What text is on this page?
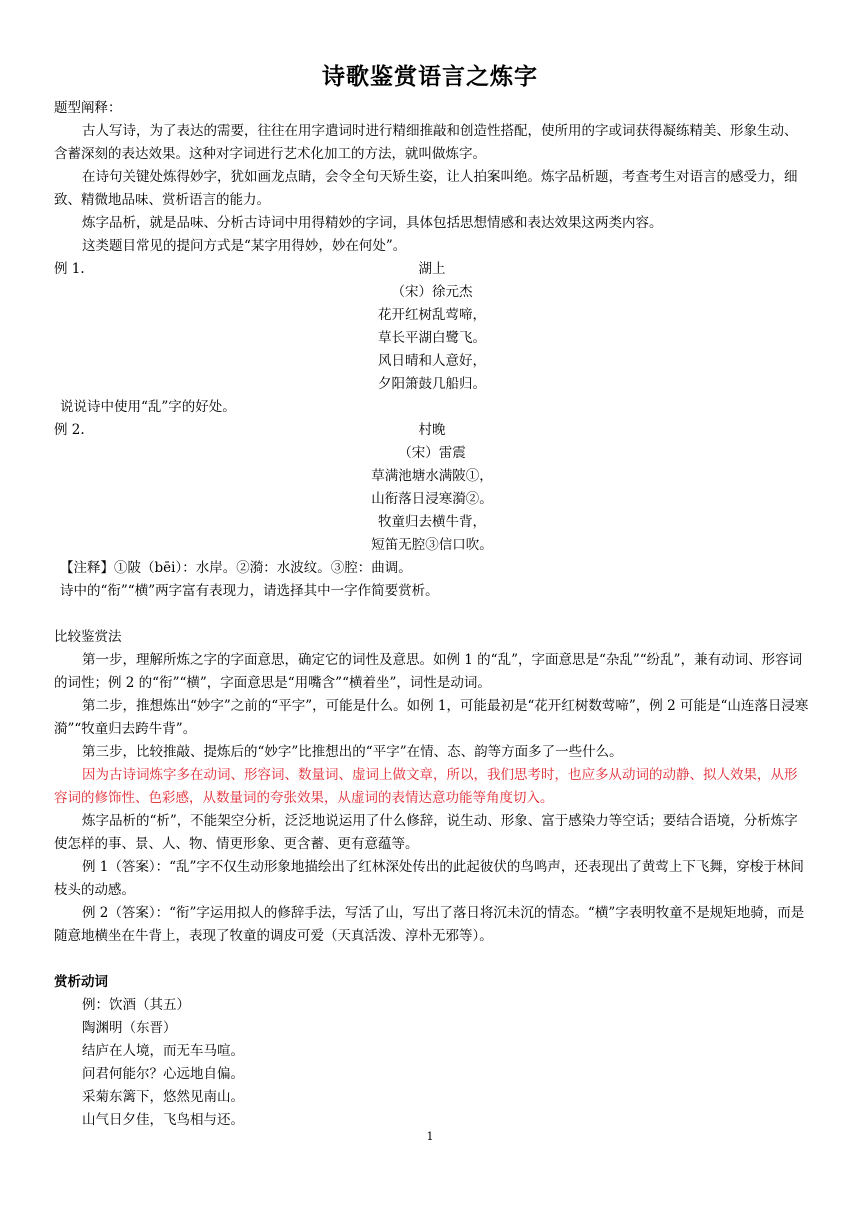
诗歌鉴赏语言之炼字

题型阐释：

古人写诗，为了表达的需要，往往在用字遣词时进行精细推敲和创造性搭配，使所用的字或词获得凝练精美、形象生动、含蓄深刻的表达效果。这种对字词进行艺术化加工的方法，就叫做炼字。

在诗句关键处炼得妙字，犹如画龙点睛，会令全句天矫生姿，让人拍案叫绝。炼字品析题，考查考生对语言的感受力，细致、精微地品味、赏析语言的能力。

炼字品析，就是品味、分析古诗词中用得精妙的字词，具体包括思想情感和表达效果这两类内容。

这类题目常见的提问方式是“某字用得妙，妙在何处”。

例 1.	湖上

（宋）徐元杰

花开红树乱莺啼，

草长平湖白鹭飞。

风日晴和人意好，

夕阳箫鼓几船归。

说说诗中使用“乱”字的好处。

例 2.	村晚

（宋）雷震

草满池塘水满陂①，

山衔落日浸寒漪②。

牧童归去横牛背，

短笛无腔③信口吹。

【注释】①陂（bēi）：水岸。②漪：水波纹。③腔：曲调。

诗中的“衔”“横”两字富有表现力，请选择其中一字作简要赏析。

比较鉴赏法

第一步，理解所炼之字的字面意思，确定它的词性及意思。如例 1 的“乱”，字面意思是“杂乱”“纷乱”，兼有动词、形容词的词性；例 2 的“衔”“横”，字面意思是“用嘴含”“横着坐”，词性是动词。

第二步，推想炼出“妙字”之前的“平字”，可能是什么。如例 1，可能最初是“花开红树数莺啼”，例 2 可能是“山连落日浸寒漪”“牧童归去跨牛背”。

第三步，比较推敲、提炼后的“妙字”比推想出的“平字”在情、态、韵等方面多了一些什么。

因为古诗词炼字多在动词、形容词、数量词、虚词上做文章，所以，我们思考时，也应多从动词的动静、拟人效果，从形容词的修饰性、色彩感，从数量词的夸张效果，从虚词的表情达意功能等角度切入。

炼字品析的“析”，不能架空分析，泛泛地说运用了什么修辞，说生动、形象、富于感染力等空话；要结合语境，分析炼字使怎样的事、景、人、物、情更形象、更含蓄、更有意蕴等。

例 1（答案）：“乱”字不仅生动形象地描绘出了红林深处传出的此起彼伏的鸟鸣声，还表现出了黄莺上下飞舞，穿梭于林间枝头的动感。

例 2（答案）：“衔”字运用拟人的修辞手法，写活了山，写出了落日将沉未沉的情态。“横”字表明牧童不是规矩地骑，而是随意地横坐在牛背上，表现了牧童的调皮可爱（天真活泼、淳朴无邪等）。

赏析动词

例：饮酒（其五）

陶渊明（东晋）

结庐在人境，而无车马喧。

问君何能尔？心远地自偏。

采菊东篱下，悠然见南山。

山气日夕佳，飞鸟相与还。

1
